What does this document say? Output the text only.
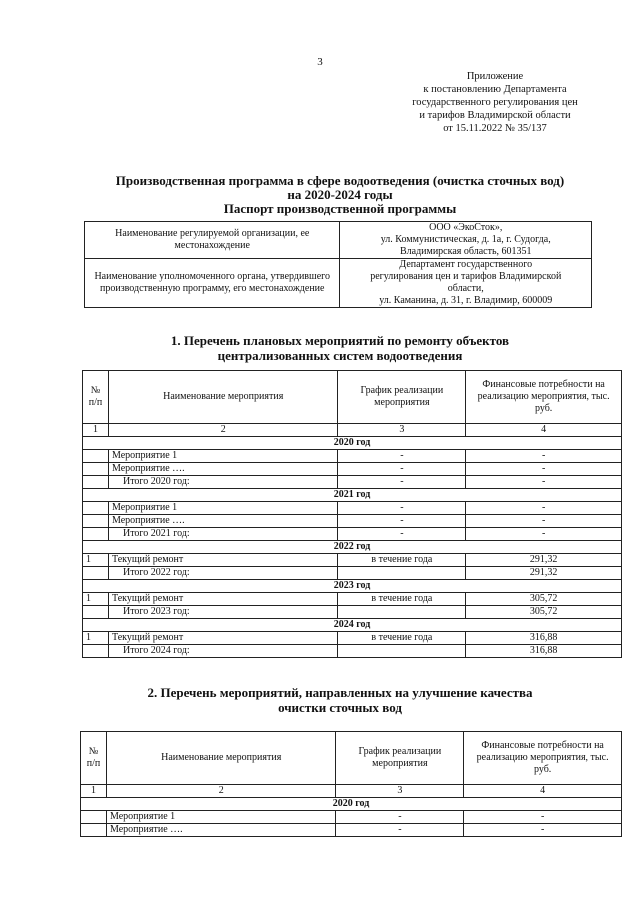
3
Приложение
к постановлению Департамента
государственного регулирования цен
и тарифов Владимирской области
от 15.11.2022 № 35/137
Производственная программа в сфере водоотведения (очистка сточных вод)
на 2020-2024 годы
Паспорт производственной программы
Наименование регулируемой организации, ее местонахождение	ООО «ЭкоСток»,
ул. Коммунистическая, д. 1а, г. Судогда,
Владимирская область, 601351

Наименование уполномоченного органа, утвердившего производственную программу, его местонахождение	Департамент государственного
регулирования цен и тарифов Владимирской
области,
ул. Каманина, д. 31, г. Владимир, 600009
1. Перечень плановых мероприятий по ремонту объектов
централизованных систем водоотведения
№ п/п	Наименование мероприятия	График реализации мероприятия	Финансовые потребности на реализацию мероприятия, тыс. руб.
1	2	3	4
2020 год			
	Мероприятие 1	-	-
	Мероприятие ….	-	-
	Итого 2020 год:	-	-
2021 год			
	Мероприятие 1	-	-
	Мероприятие ….	-	-
	Итого 2021 год:	-	-
2022 год			
1	Текущий ремонт	в течение года	291,32
	Итого 2022 год:		291,32
2023 год			
1	Текущий ремонт	в течение года	305,72
	Итого 2023 год:		305,72
2024 год			
1	Текущий ремонт	в течение года	316,88
	Итого 2024 год:		316,88
2. Перечень мероприятий, направленных на улучшение качества
очистки сточных вод
№ п/п	Наименование мероприятия	График реализации мероприятия	Финансовые потребности на реализацию мероприятия, тыс. руб.
1	2	3	4
2020 год			
	Мероприятие 1	-	-
	Мероприятие ….	-	-
